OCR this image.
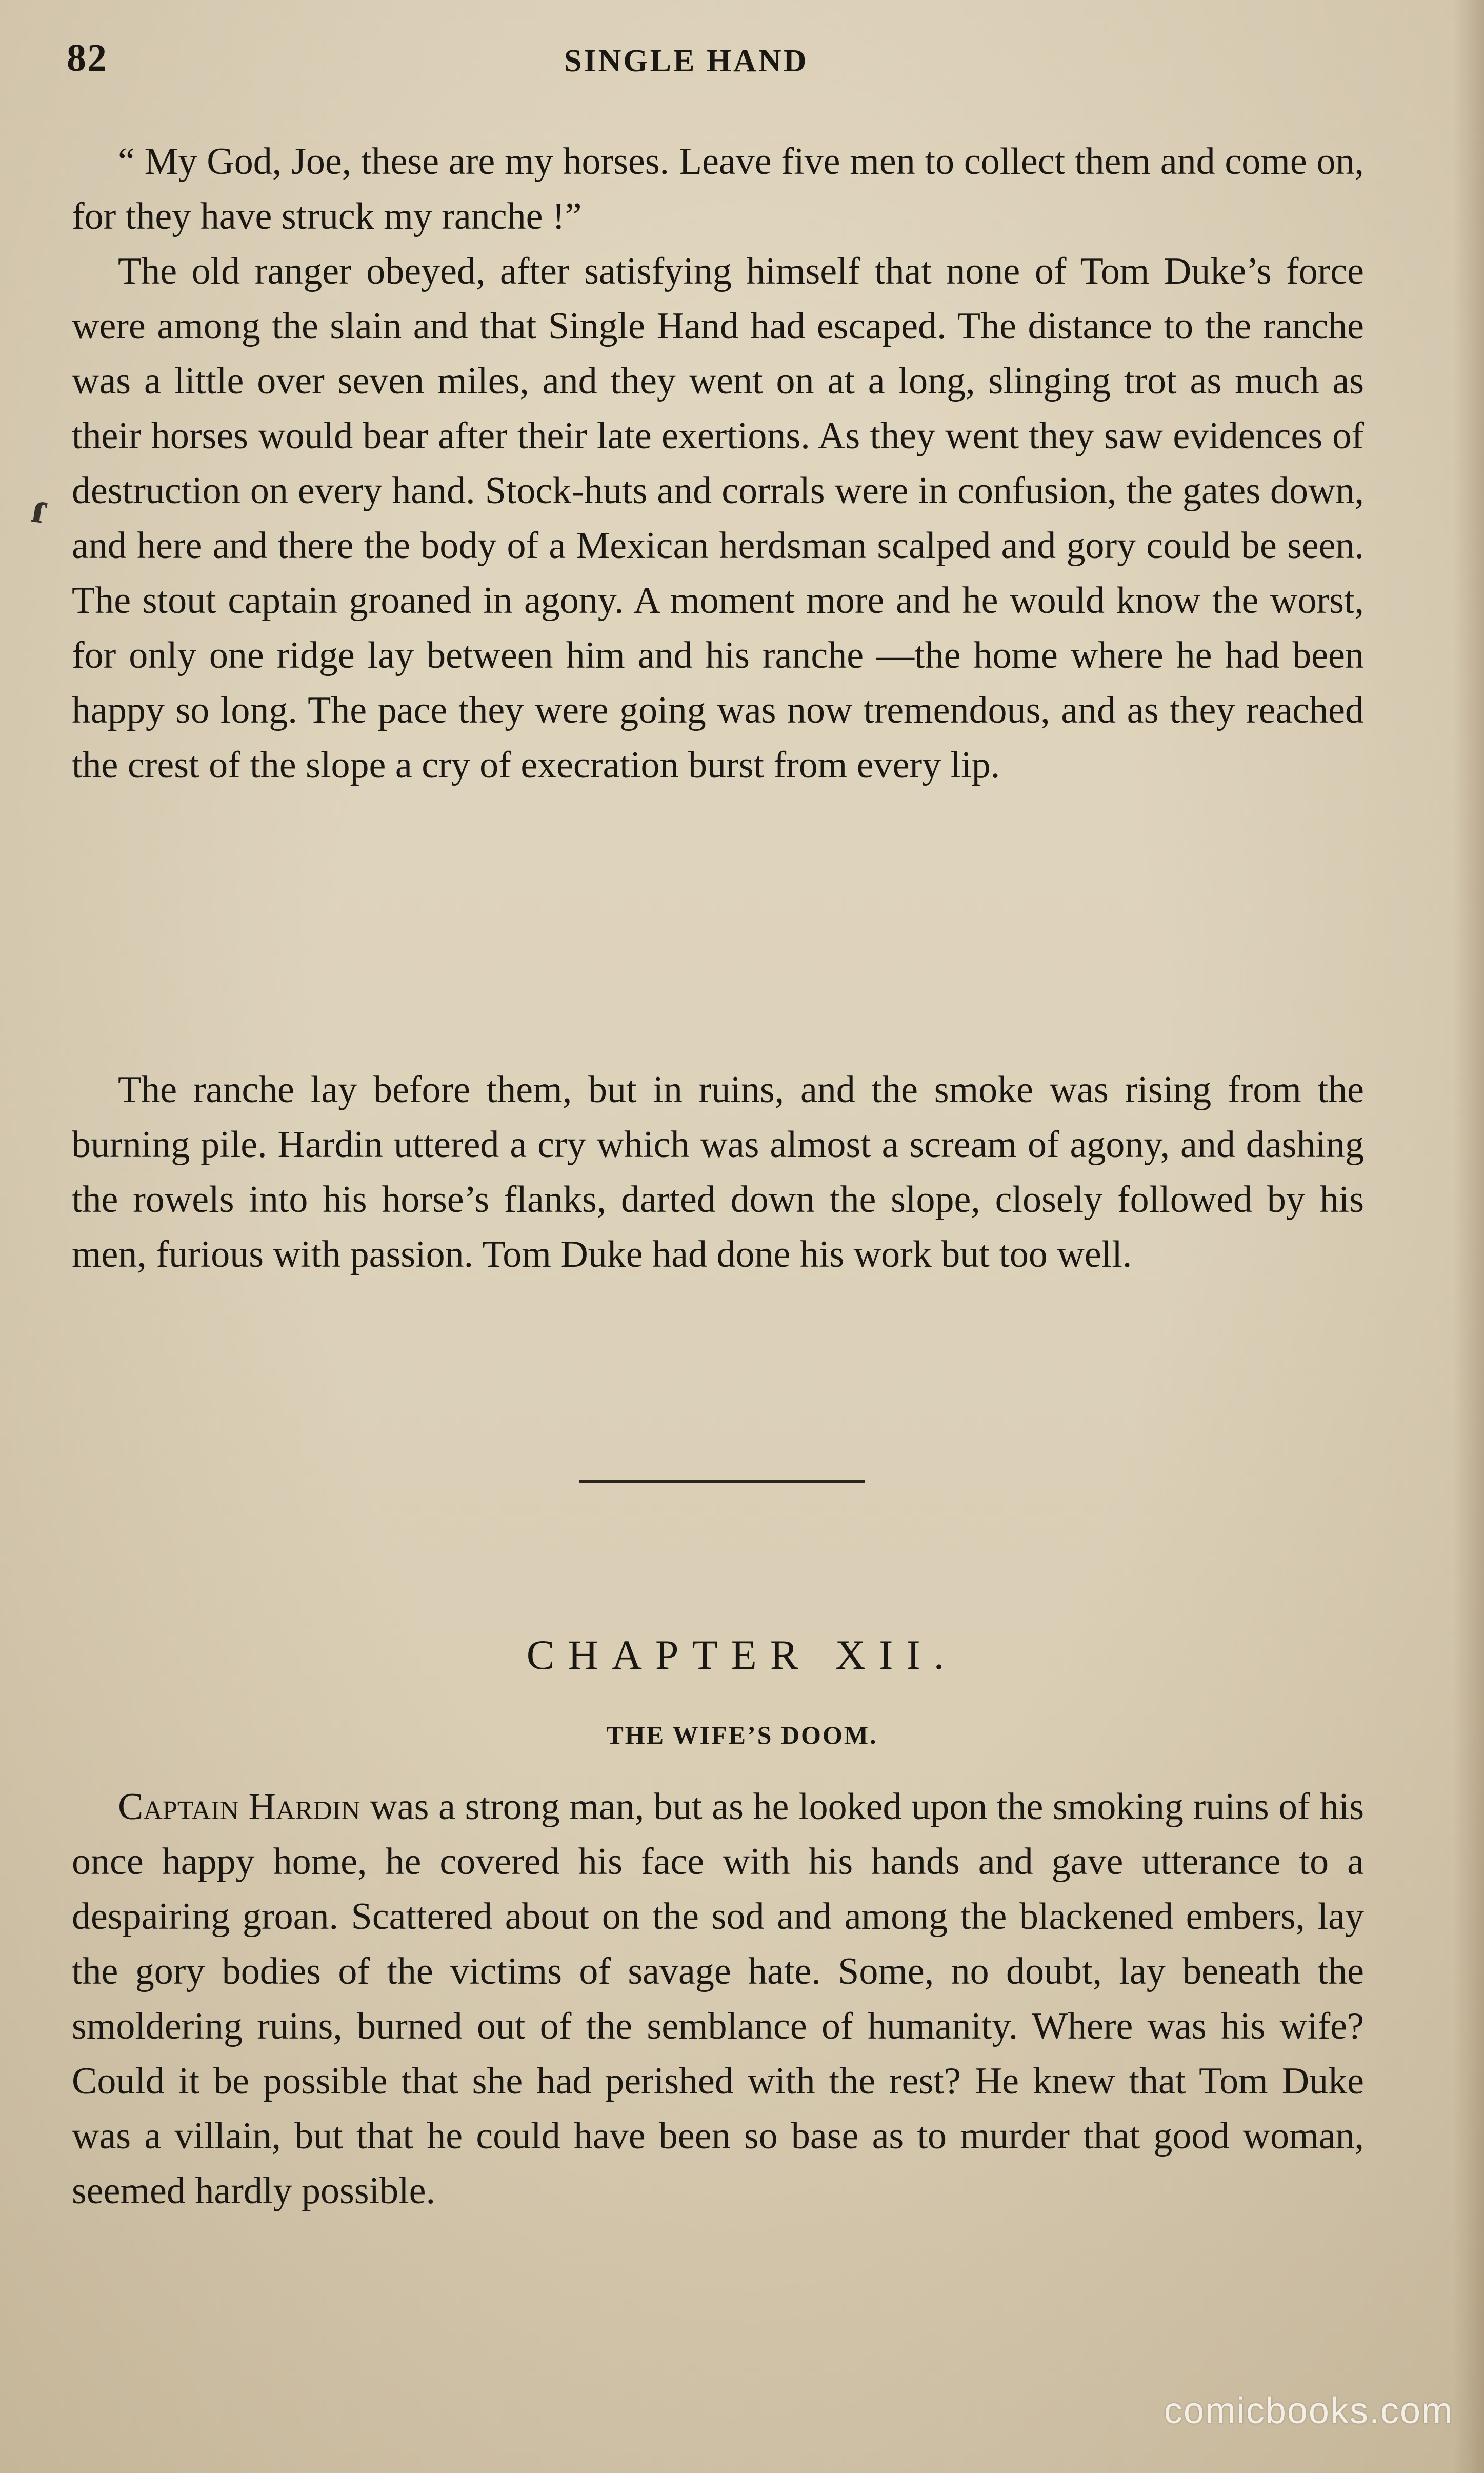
82	SINGLE HAND
ɾ

“ My God, Joe, these are my horses. Leave five men to collect them and come on, for they have struck my ranche !”

The old ranger obeyed, after satisfying himself that none of Tom Duke’s force were among the slain and that Single Hand had escaped. The distance to the ranche was a little over seven miles, and they went on at a long, slinging trot as much as their horses would bear after their late exertions. As they went they saw evidences of destruction on every hand. Stock-huts and corrals were in confusion, the gates down, and here and there the body of a Mexican herdsman scalped and gory could be seen. The stout captain groaned in agony. A moment more and he would know the worst, for only one ridge lay between him and his ranche —the home where he had been happy so long. The pace they were going was now tremendous, and as they reached the crest of the slope a cry of execration burst from every lip.

The ranche lay before them, but in ruins, and the smoke was rising from the burning pile. Hardin uttered a cry which was almost a scream of agony, and dashing the rowels into his horse’s flanks, darted down the slope, closely followed by his men, furious with passion. Tom Duke had done his work but too well.

CHAPTER XII.
THE WIFE’S DOOM.

Captain Hardin was a strong man, but as he looked upon the smoking ruins of his once happy home, he covered his face with his hands and gave utterance to a despairing groan. Scattered about on the sod and among the blackened embers, lay the gory bodies of the victims of savage hate. Some, no doubt, lay beneath the smoldering ruins, burned out of the semblance of humanity. Where was his wife? Could it be possible that she had perished with the rest? He knew that Tom Duke was a villain, but that he could have been so base as to murder that good woman, seemed hardly possible.

comicbooks.com
